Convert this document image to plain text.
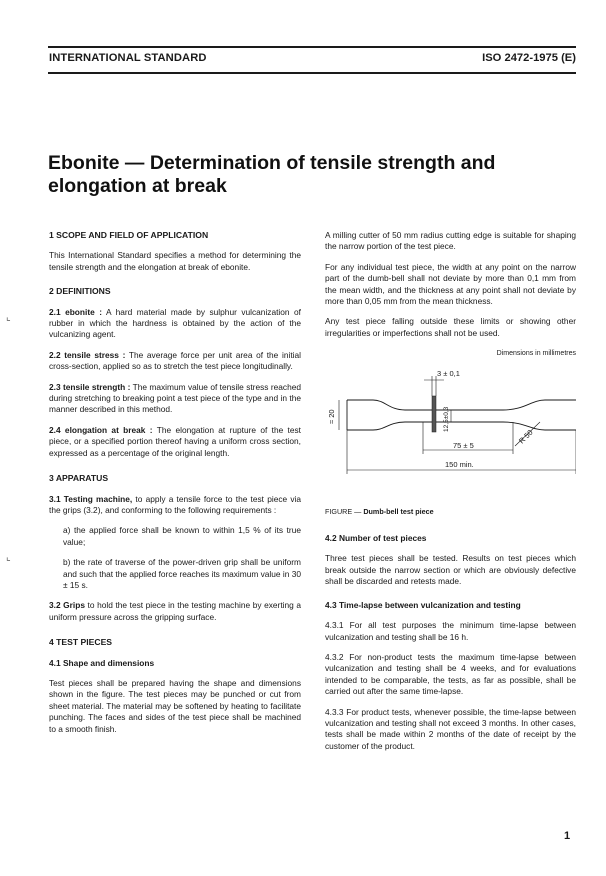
INTERNATIONAL STANDARD	ISO 2472-1975 (E)
Ebonite — Determination of tensile strength and elongation at break
⌞
⌞
1 SCOPE AND FIELD OF APPLICATION

This International Standard specifies a method for determining the tensile strength and the elongation at break of ebonite.

2 DEFINITIONS

2.1 ebonite : A hard material made by sulphur vulcanization of rubber in which the hardness is obtained by the action of the vulcanizing agent.

2.2 tensile stress : The average force per unit area of the initial cross-section, applied so as to stretch the test piece longitudinally.

2.3 tensile strength : The maximum value of tensile stress reached during stretching to breaking point a test piece of the type and in the manner described in this method.

2.4 elongation at break : The elongation at rupture of the test piece, or a specified portion thereof having a uniform cross section, expressed as a percentage of the original length.

3 APPARATUS

3.1 Testing machine, to apply a tensile force to the test piece via the grips (3.2), and conforming to the following requirements :

a) the applied force shall be known to within 1,5 % of its true value;

b) the rate of traverse of the power-driven grip shall be uniform and such that the applied force reaches its maximum value in 30 ± 15 s.

3.2 Grips to hold the test piece in the testing machine by exerting a uniform pressure across the gripping surface.

4 TEST PIECES
4.1 Shape and dimensions

Test pieces shall be prepared having the shape and dimensions shown in the figure. The test pieces may be punched or cut from sheet material. The material may be softened by heating to facilitate punching. The faces and sides of the test piece shall be machined to a smooth finish.

A milling cutter of 50 mm radius cutting edge is suitable for shaping the narrow portion of the test piece.

For any individual test piece, the width at any point on the narrow part of the dumb-bell shall not deviate by more than 0,1 mm from the mean width, and the thickness at any point shall not deviate by more than 0,05 mm from the mean thickness.

Any test piece falling outside these limits or showing other irregularities or imperfections shall not be used.

Dimensions in millimetres
3 ± 0,1
≈ 20	12,5±0,3
75 ± 5
R 50
150 min.

FIGURE — Dumb-bell test piece

4.2 Number of test pieces

Three test pieces shall be tested. Results on test pieces which break outside the narrow section or which are obviously defective shall be discarded and retests made.

4.3 Time-lapse between vulcanization and testing

4.3.1 For all test purposes the minimum time-lapse between vulcanization and testing shall be 16 h.

4.3.2 For non-product tests the maximum time-lapse between vulcanization and testing shall be 4 weeks, and for evaluations intended to be comparable, the tests, as far as possible, shall be carried out after the same time-lapse.

4.3.3 For product tests, whenever possible, the time-lapse between vulcanization and testing shall not exceed 3 months. In other cases, tests shall be made within 2 months of the date of receipt by the customer of the product.

1
